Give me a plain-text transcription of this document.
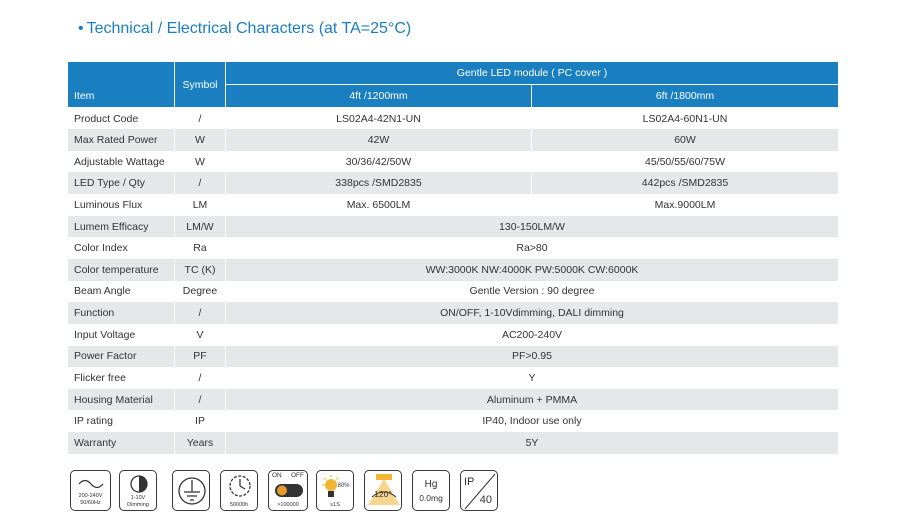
• Technical / Electrical Characters (at TA=25°C)
Item	Symbol	Gentle LED module ( PC cover )	
		4ft /1200mm	6ft /1800mm
Product Code	/	LS02A4-42N1-UN	LS02A4-60N1-UN
Max Rated Power	W	42W	60W
Adjustable Wattage	W	30/36/42/50W	45/50/55/60/75W
LED Type / Qty	/	338pcs /SMD2835	442pcs /SMD2835
Luminous Flux	LM	Max. 6500LM	Max.9000LM
Lumem Efficacy	LM/W	130-150LM/W	
Color Index	Ra	Ra>80	
Color temperature	TC (K)	WW:3000K NW:4000K PW:5000K CW:6000K	
Beam Angle	Degree	Gentle Version : 90 degree	
Function	/	ON/OFF, 1-10Vdimming, DALI dimming	
Input Voltage	V	AC200-240V	
Power Factor	PF	PF>0.95	
Flicker free	/	Y	
Housing Material	/	Aluminum + PMMA	
IP rating	IP	IP40, Indoor use only	
Warranty	Years	5Y	
200-240V
50/60Hz
1-10V
Dimming	50000h
ON	OFF
>100000
80%
≤1S
120°
Hg
0.0mg
IP
40
